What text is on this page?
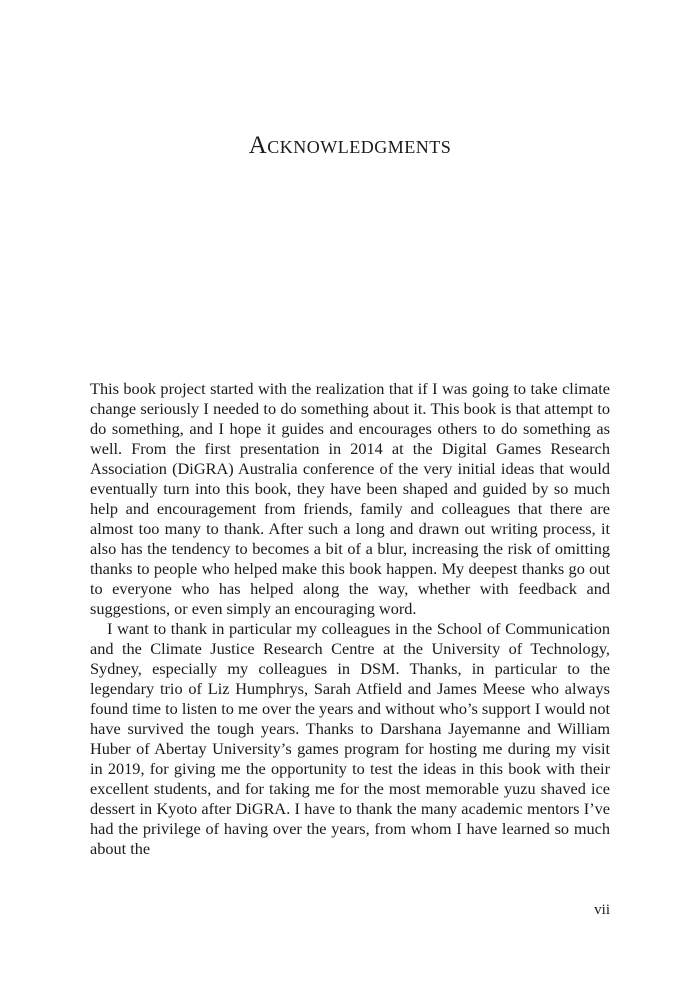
Acknowledgments

This book project started with the realization that if I was going to take climate change seriously I needed to do something about it. This book is that attempt to do something, and I hope it guides and encourages others to do something as well. From the first presentation in 2014 at the Digital Games Research Association (DiGRA) Australia conference of the very initial ideas that would eventually turn into this book, they have been shaped and guided by so much help and encouragement from friends, family and colleagues that there are almost too many to thank. After such a long and drawn out writing process, it also has the tendency to becomes a bit of a blur, increasing the risk of omitting thanks to people who helped make this book happen. My deepest thanks go out to everyone who has helped along the way, whether with feedback and suggestions, or even simply an encouraging word.

I want to thank in particular my colleagues in the School of Communication and the Climate Justice Research Centre at the University of Technology, Sydney, especially my colleagues in DSM. Thanks, in particular to the legendary trio of Liz Humphrys, Sarah Atfield and James Meese who always found time to listen to me over the years and without who’s support I would not have survived the tough years. Thanks to Darshana Jayemanne and William Huber of Abertay University’s games program for hosting me during my visit in 2019, for giving me the opportunity to test the ideas in this book with their excellent students, and for taking me for the most memorable yuzu shaved ice dessert in Kyoto after DiGRA. I have to thank the many academic mentors I’ve had the privilege of having over the years, from whom I have learned so much about the

vii
